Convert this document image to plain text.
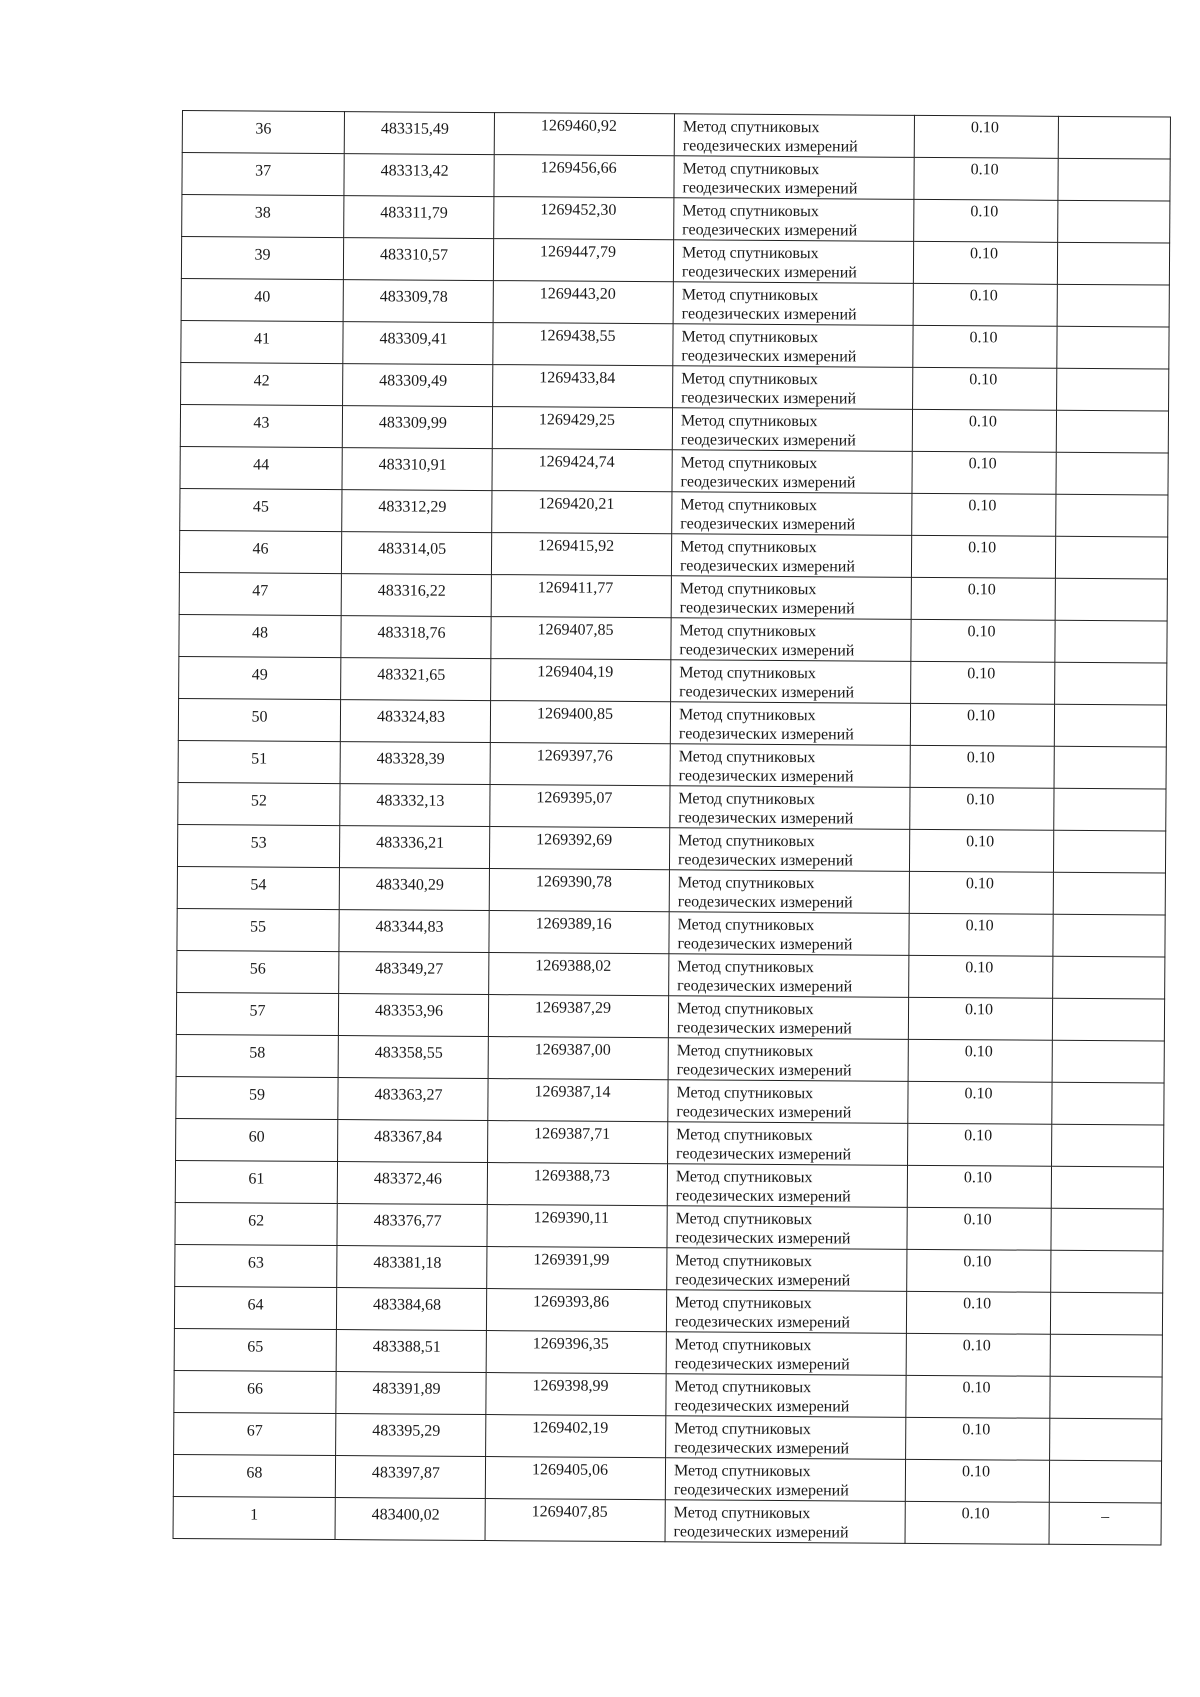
36	483315,49	1269460,92	Метод спутниковых
геодезических измерений	0.10	
37	483313,42	1269456,66	Метод спутниковых
геодезических измерений	0.10	
38	483311,79	1269452,30	Метод спутниковых
геодезических измерений	0.10	
39	483310,57	1269447,79	Метод спутниковых
геодезических измерений	0.10	
40	483309,78	1269443,20	Метод спутниковых
геодезических измерений	0.10	
41	483309,41	1269438,55	Метод спутниковых
геодезических измерений	0.10	
42	483309,49	1269433,84	Метод спутниковых
геодезических измерений	0.10	
43	483309,99	1269429,25	Метод спутниковых
геодезических измерений	0.10	
44	483310,91	1269424,74	Метод спутниковых
геодезических измерений	0.10	
45	483312,29	1269420,21	Метод спутниковых
геодезических измерений	0.10	
46	483314,05	1269415,92	Метод спутниковых
геодезических измерений	0.10	
47	483316,22	1269411,77	Метод спутниковых
геодезических измерений	0.10	
48	483318,76	1269407,85	Метод спутниковых
геодезических измерений	0.10	
49	483321,65	1269404,19	Метод спутниковых
геодезических измерений	0.10	
50	483324,83	1269400,85	Метод спутниковых
геодезических измерений	0.10	
51	483328,39	1269397,76	Метод спутниковых
геодезических измерений	0.10	
52	483332,13	1269395,07	Метод спутниковых
геодезических измерений	0.10	
53	483336,21	1269392,69	Метод спутниковых
геодезических измерений	0.10	
54	483340,29	1269390,78	Метод спутниковых
геодезических измерений	0.10	
55	483344,83	1269389,16	Метод спутниковых
геодезических измерений	0.10	
56	483349,27	1269388,02	Метод спутниковых
геодезических измерений	0.10	
57	483353,96	1269387,29	Метод спутниковых
геодезических измерений	0.10	
58	483358,55	1269387,00	Метод спутниковых
геодезических измерений	0.10	
59	483363,27	1269387,14	Метод спутниковых
геодезических измерений	0.10	
60	483367,84	1269387,71	Метод спутниковых
геодезических измерений	0.10	
61	483372,46	1269388,73	Метод спутниковых
геодезических измерений	0.10	
62	483376,77	1269390,11	Метод спутниковых
геодезических измерений	0.10	
63	483381,18	1269391,99	Метод спутниковых
геодезических измерений	0.10	
64	483384,68	1269393,86	Метод спутниковых
геодезических измерений	0.10	
65	483388,51	1269396,35	Метод спутниковых
геодезических измерений	0.10	
66	483391,89	1269398,99	Метод спутниковых
геодезических измерений	0.10	
67	483395,29	1269402,19	Метод спутниковых
геодезических измерений	0.10	
68	483397,87	1269405,06	Метод спутниковых
геодезических измерений	0.10	
1	483400,02	1269407,85	Метод спутниковых
геодезических измерений	0.10	–
